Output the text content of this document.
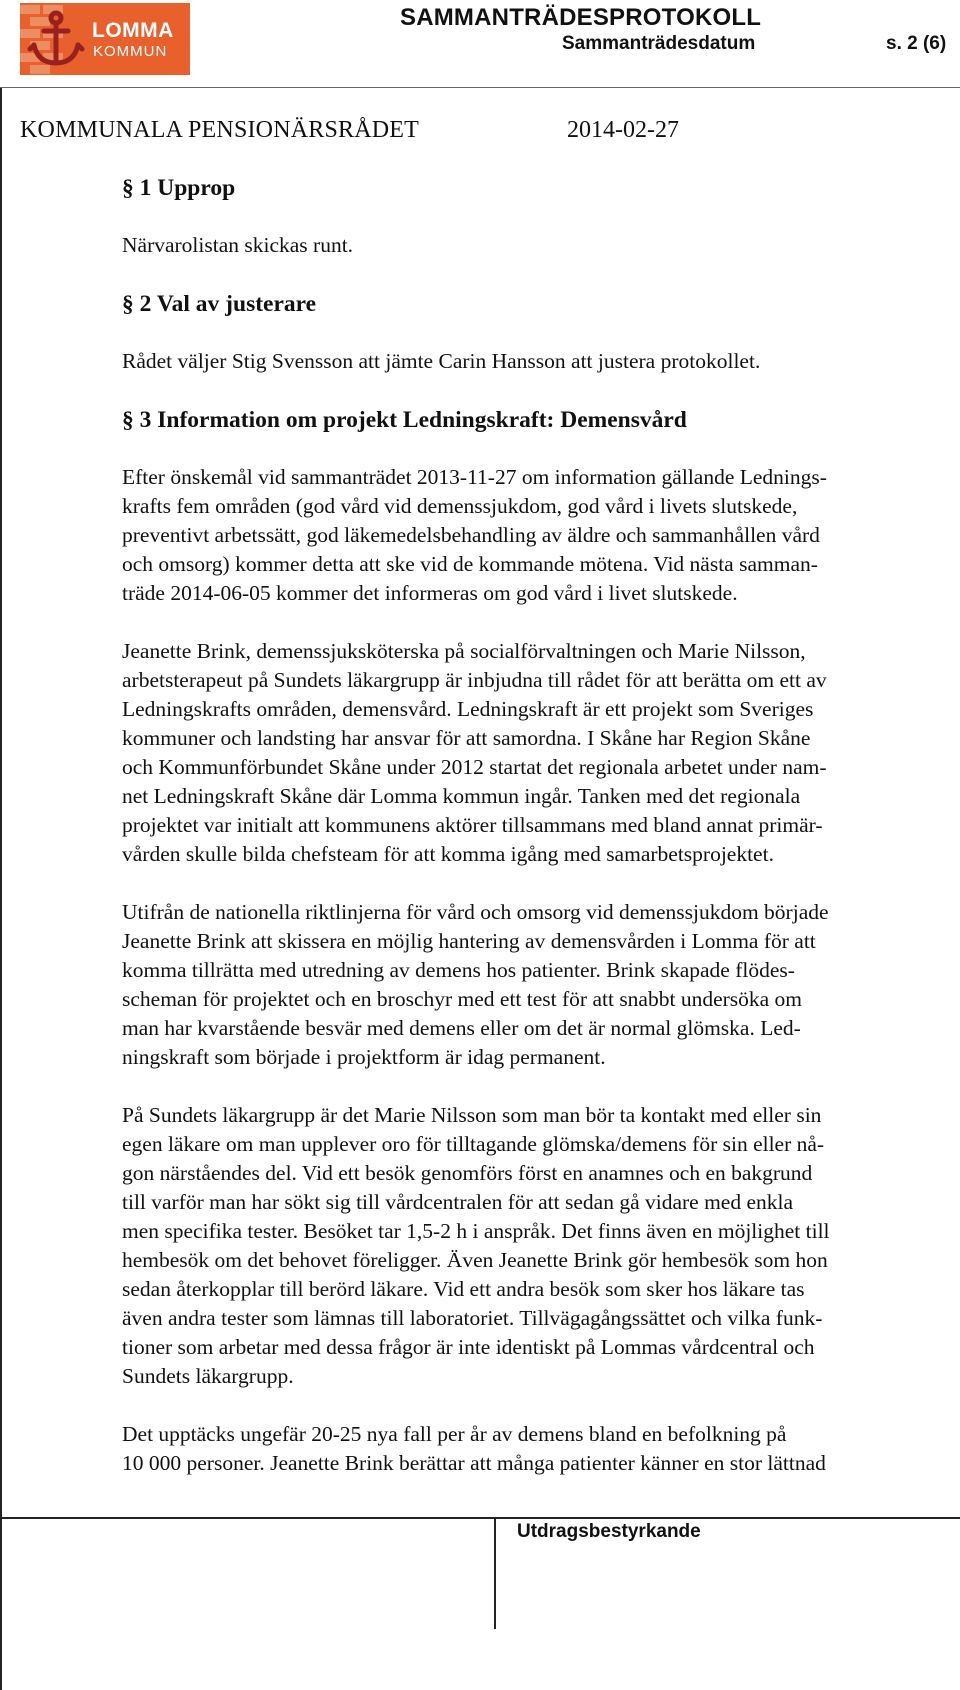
LOMMA
KOMMUN
SAMMANTRÄDESPROTOKOLL
Sammanträdesdatum	s. 2 (6)
KOMMUNALA PENSIONÄRSRÅDET	2014-02-27
§ 1 Upprop
Närvarolistan skickas runt.
§ 2 Val av justerare
Rådet väljer Stig Svensson att jämte Carin Hansson att justera protokollet.
§ 3 Information om projekt Ledningskraft: Demensvård
Efter önskemål vid sammanträdet 2013-11-27 om information gällande Lednings-
krafts fem områden (god vård vid demenssjukdom, god vård i livets slutskede,
preventivt arbetssätt, god läkemedelsbehandling av äldre och sammanhållen vård
och omsorg) kommer detta att ske vid de kommande mötena. Vid nästa samman-
träde 2014-06-05 kommer det informeras om god vård i livet slutskede.
Jeanette Brink, demenssjuksköterska på socialförvaltningen och Marie Nilsson,
arbetsterapeut på Sundets läkargrupp är inbjudna till rådet för att berätta om ett av
Ledningskrafts områden, demensvård. Ledningskraft är ett projekt som Sveriges
kommuner och landsting har ansvar för att samordna. I Skåne har Region Skåne
och Kommunförbundet Skåne under 2012 startat det regionala arbetet under nam-
net Ledningskraft Skåne där Lomma kommun ingår. Tanken med det regionala
projektet var initialt att kommunens aktörer tillsammans med bland annat primär-
vården skulle bilda chefsteam för att komma igång med samarbetsprojektet.
Utifrån de nationella riktlinjerna för vård och omsorg vid demenssjukdom började
Jeanette Brink att skissera en möjlig hantering av demensvården i Lomma för att
komma tillrätta med utredning av demens hos patienter. Brink skapade flödes-
scheman för projektet och en broschyr med ett test för att snabbt undersöka om
man har kvarstående besvär med demens eller om det är normal glömska. Led-
ningskraft som började i projektform är idag permanent.
På Sundets läkargrupp är det Marie Nilsson som man bör ta kontakt med eller sin
egen läkare om man upplever oro för tilltagande glömska/demens för sin eller nå-
gon närståendes del. Vid ett besök genomförs först en anamnes och en bakgrund
till varför man har sökt sig till vårdcentralen för att sedan gå vidare med enkla
men specifika tester. Besöket tar 1,5-2 h i anspråk. Det finns även en möjlighet till
hembesök om det behovet föreligger. Även Jeanette Brink gör hembesök som hon
sedan återkopplar till berörd läkare. Vid ett andra besök som sker hos läkare tas
även andra tester som lämnas till laboratoriet. Tillvägagångssättet och vilka funk-
tioner som arbetar med dessa frågor är inte identiskt på Lommas vårdcentral och
Sundets läkargrupp.
Det upptäcks ungefär 20-25 nya fall per år av demens bland en befolkning på
10 000 personer. Jeanette Brink berättar att många patienter känner en stor lättnad
Utdragsbestyrkande
